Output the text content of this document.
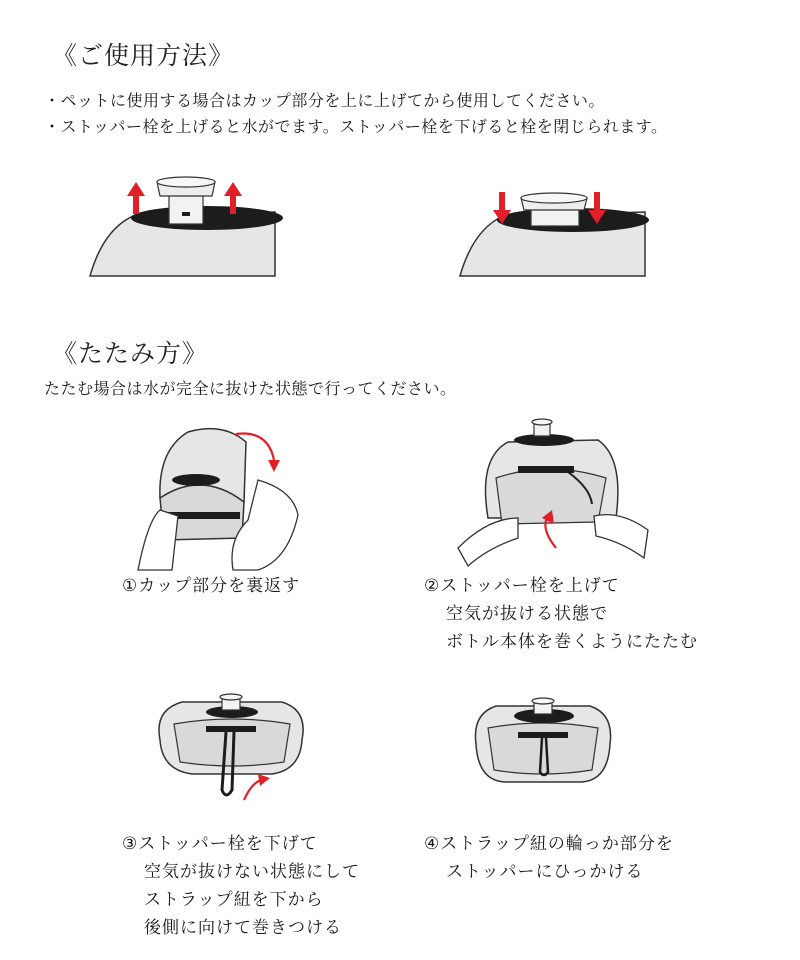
《ご使用方法》
・ペットに使用する場合はカップ部分を上に上げてから使用してください。
・ストッパー栓を上げると水がでます。ストッパー栓を下げると栓を閉じられます。
《たたみ方》
たたむ場合は水が完全に抜けた状態で行ってください。
①カップ部分を裏返す	②ストッパー栓を上げて
空気が抜ける状態で
ボトル本体を巻くようにたたむ
③ストッパー栓を下げて
空気が抜けない状態にして
ストラップ紐を下から
後側に向けて巻きつける
④ストラップ紐の輪っか部分を
ストッパーにひっかける
